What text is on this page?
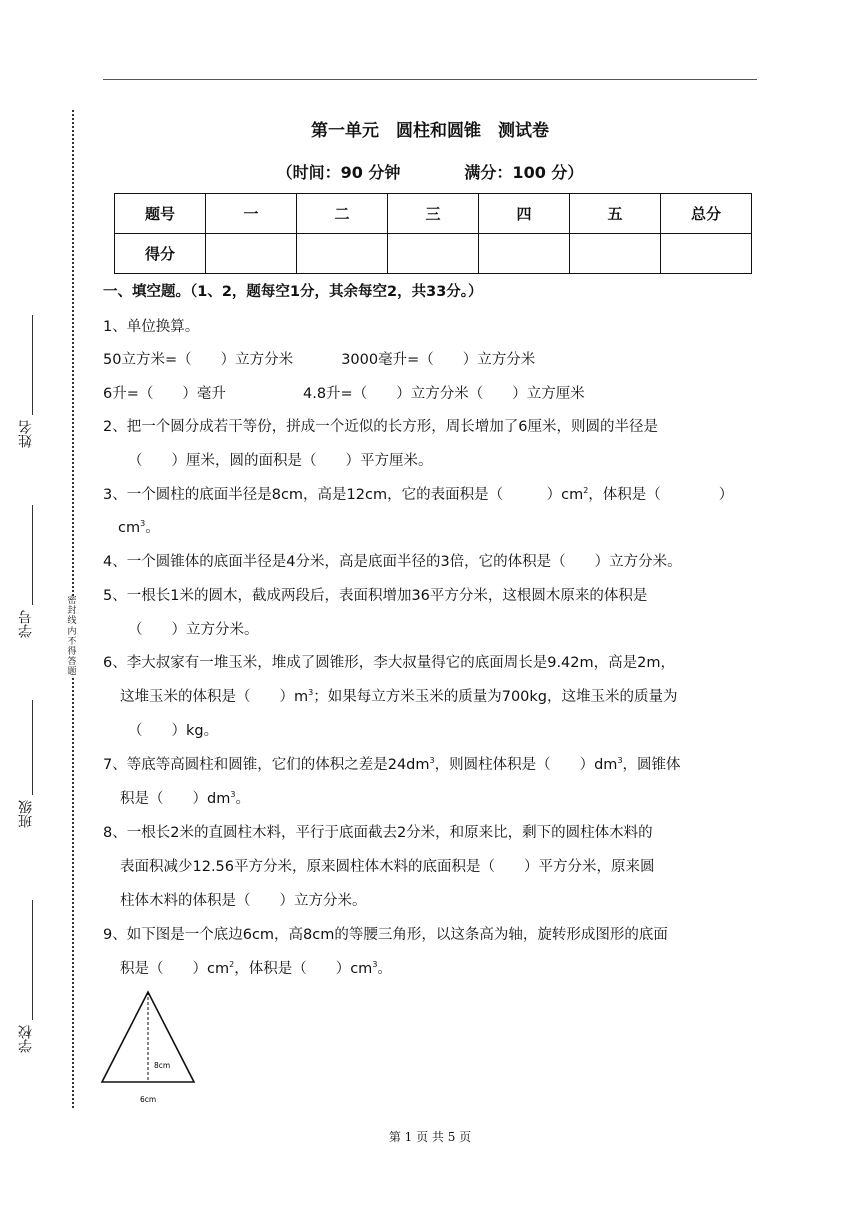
密封线内不得答题
姓名
学号
班级
学校
第一单元　圆柱和圆锥　测试卷
（时间：90 分钟　　　　满分：100 分）
题号	一	二	三	四	五	总分
得分						
一、填空题。（1、2，题每空1分，其余每空2，共33分。）
1、单位换算。
50立方米=（　　）立方分米　　　 3000毫升=（　　）立方分米
6升=（　　）毫升　　　　　 4.8升=（　　）立方分米（　　）立方厘米
2、把一个圆分成若干等份，拼成一个近似的长方形，周长增加了6厘米，则圆的半径是
（　　）厘米，圆的面积是（　　）平方厘米。
3、一个圆柱的底面半径是8cm，高是12cm，它的表面积是（　　　）$cm^2$，体积是（　　　　）
$cm^3$。
4、一个圆锥体的底面半径是4分米，高是底面半径的3倍，它的体积是（　　）立方分米。
5、一根长1米的圆木，截成两段后，表面积增加36平方分米，这根圆木原来的体积是
（　　）立方分米。
6、李大叔家有一堆玉米，堆成了圆锥形，李大叔量得它的底面周长是9.42m，高是2m，
这堆玉米的体积是（　　）$m^3$；如果每立方米玉米的质量为700kg，这堆玉米的质量为
（　　）kg。
7、等底等高圆柱和圆锥，它们的体积之差是$24dm^3$，则圆柱体积是（　　）$dm^3$，圆锥体
积是（　　）$dm^3$。
8、一根长2米的直圆柱木料，平行于底面截去2分米，和原来比，剩下的圆柱体木料的
表面积减少12.56平方分米，原来圆柱体木料的底面积是（　　）平方分米，原来圆
柱体木料的体积是（　　）立方分米。
9、如下图是一个底边6cm，高8cm的等腰三角形，以这条高为轴，旋转形成图形的底面
积是（　　）$cm^2$，体积是（　　）$cm^3$。
8cm
6cm
第 1 页 共 5 页
